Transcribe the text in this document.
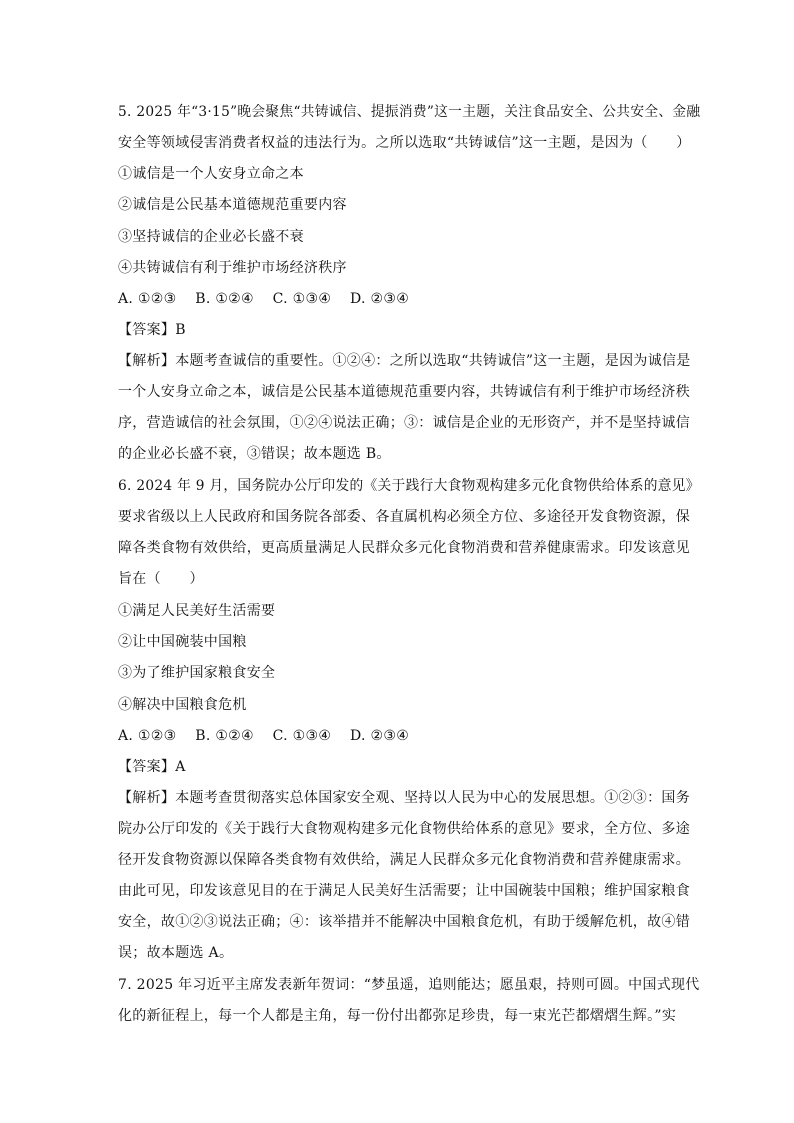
5. 2025 年“3·15”晚会聚焦“共铸诚信、提振消费”这一主题，关注食品安全、公共安全、金融
安全等领域侵害消费者权益的违法行为。之所以选取“共铸诚信”这一主题，是因为（　　）
①诚信是一个人安身立命之本
②诚信是公民基本道德规范重要内容
③坚持诚信的企业必长盛不衰
④共铸诚信有利于维护市场经济秩序
A. ①②③ B. ①②④ C. ①③④ D. ②③④
【答案】B
【解析】本题考查诚信的重要性。①②④：之所以选取“共铸诚信”这一主题，是因为诚信是
一个人安身立命之本，诚信是公民基本道德规范重要内容，共铸诚信有利于维护市场经济秩
序，营造诚信的社会氛围，①②④说法正确；③：诚信是企业的无形资产，并不是坚持诚信
的企业必长盛不衰，③错误；故本题选 B。
6. 2024 年 9 月，国务院办公厅印发的《关于践行大食物观构建多元化食物供给体系的意见》
要求省级以上人民政府和国务院各部委、各直属机构必须全方位、多途径开发食物资源，保
障各类食物有效供给，更高质量满足人民群众多元化食物消费和营养健康需求。印发该意见
旨在（　　）
①满足人民美好生活需要
②让中国碗装中国粮
③为了维护国家粮食安全
④解决中国粮食危机
A. ①②③ B. ①②④ C. ①③④ D. ②③④
【答案】A
【解析】本题考查贯彻落实总体国家安全观、坚持以人民为中心的发展思想。①②③：国务
院办公厅印发的《关于践行大食物观构建多元化食物供给体系的意见》要求，全方位、多途
径开发食物资源以保障各类食物有效供给，满足人民群众多元化食物消费和营养健康需求。
由此可见，印发该意见目的在于满足人民美好生活需要；让中国碗装中国粮；维护国家粮食
安全，故①②③说法正确；④：该举措并不能解决中国粮食危机，有助于缓解危机，故④错
误；故本题选 A。
7. 2025 年习近平主席发表新年贺词：“梦虽遥，追则能达；愿虽艰，持则可圆。中国式现代
化的新征程上，每一个人都是主角，每一份付出都弥足珍贵，每一束光芒都熠熠生辉。”实
